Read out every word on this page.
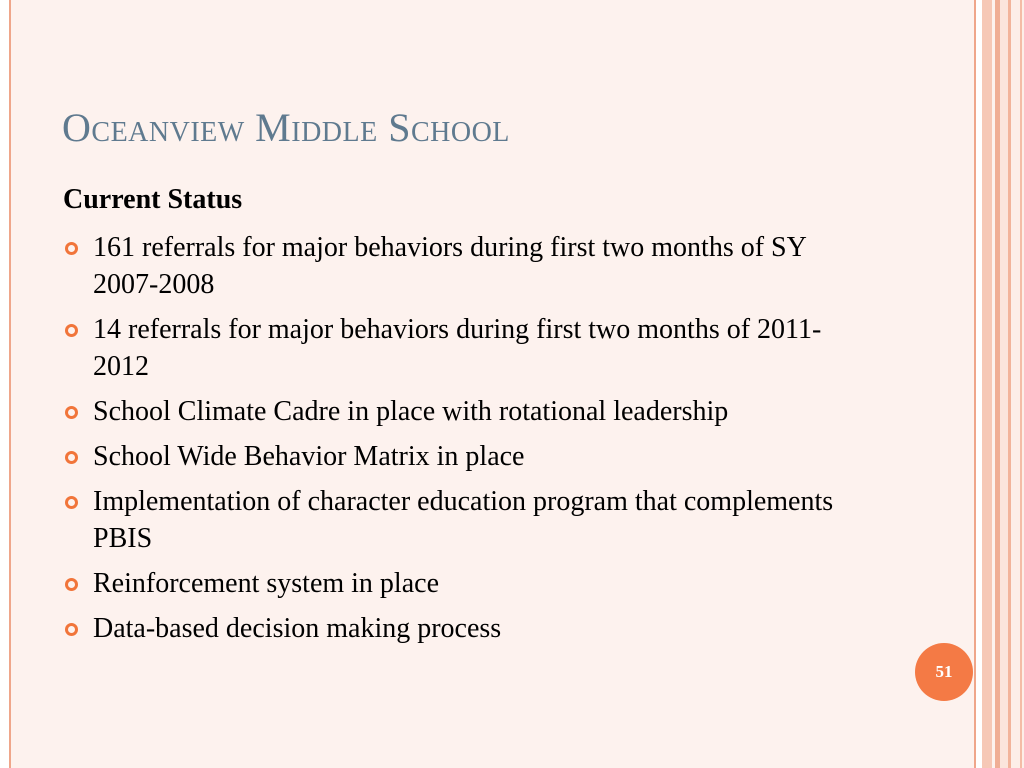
Oceanview Middle School
Current Status
161 referrals for major behaviors during first two months of SY 2007-2008
14 referrals for major behaviors during first two months of 2011-2012
School Climate Cadre in place with rotational leadership
School Wide Behavior Matrix in place
Implementation of character education program that complements PBIS
Reinforcement system in place
Data-based decision making process
51
